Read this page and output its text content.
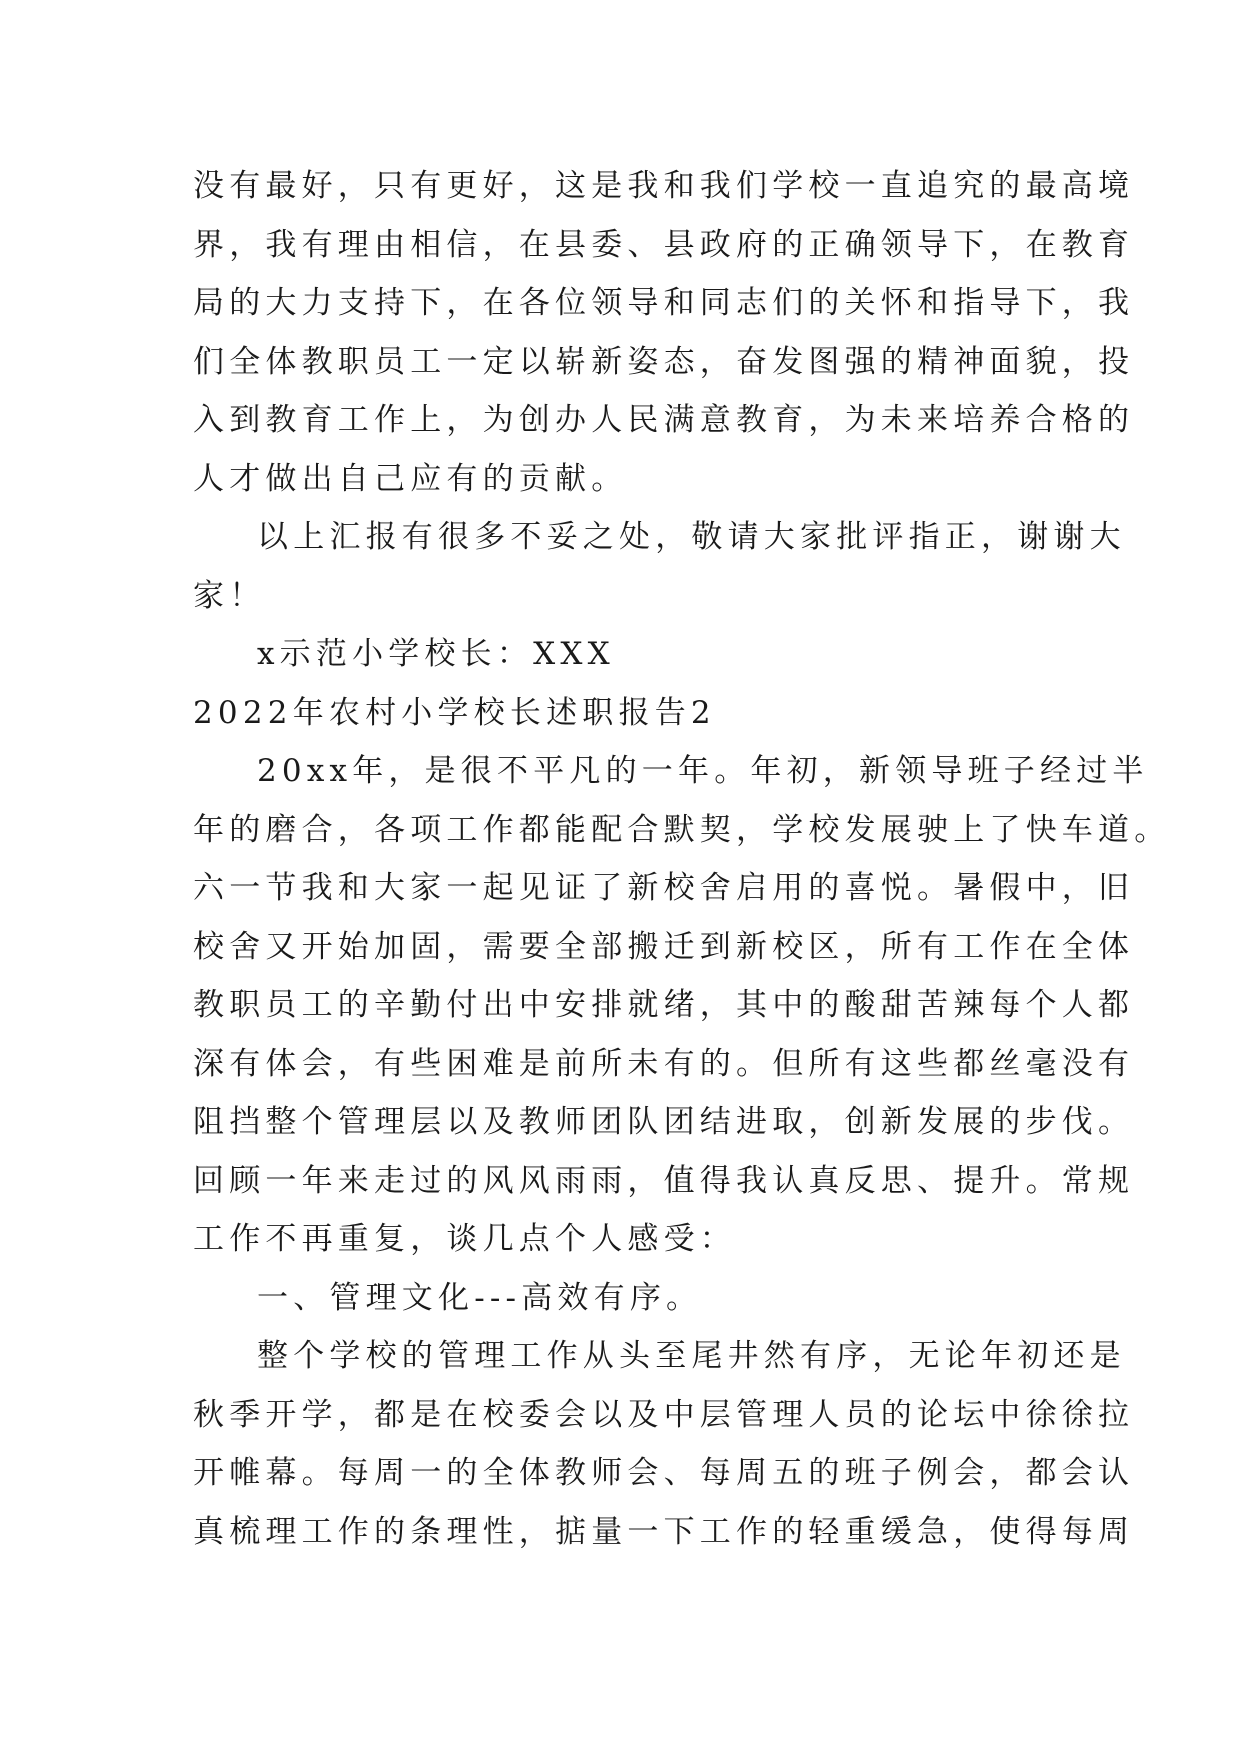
没有最好，只有更好，这是我和我们学校一直追究的最高境
界，我有理由相信，在县委、县政府的正确领导下，在教育
局的大力支持下，在各位领导和同志们的关怀和指导下，我
们全体教职员工一定以崭新姿态，奋发图强的精神面貌，投
入到教育工作上，为创办人民满意教育，为未来培养合格的
人才做出自己应有的贡献。
以上汇报有很多不妥之处，敬请大家批评指正，谢谢大
家！
x示范小学校长：XXX
2022年农村小学校长述职报告2
20xx年，是很不平凡的一年。年初，新领导班子经过半
年的磨合，各项工作都能配合默契，学校发展驶上了快车道。
六一节我和大家一起见证了新校舍启用的喜悦。暑假中，旧
校舍又开始加固，需要全部搬迁到新校区，所有工作在全体
教职员工的辛勤付出中安排就绪，其中的酸甜苦辣每个人都
深有体会，有些困难是前所未有的。但所有这些都丝毫没有
阻挡整个管理层以及教师团队团结进取，创新发展的步伐。
回顾一年来走过的风风雨雨，值得我认真反思、提升。常规
工作不再重复，谈几点个人感受：
一、管理文化---高效有序。
整个学校的管理工作从头至尾井然有序，无论年初还是
秋季开学，都是在校委会以及中层管理人员的论坛中徐徐拉
开帷幕。每周一的全体教师会、每周五的班子例会，都会认
真梳理工作的条理性，掂量一下工作的轻重缓急，使得每周
